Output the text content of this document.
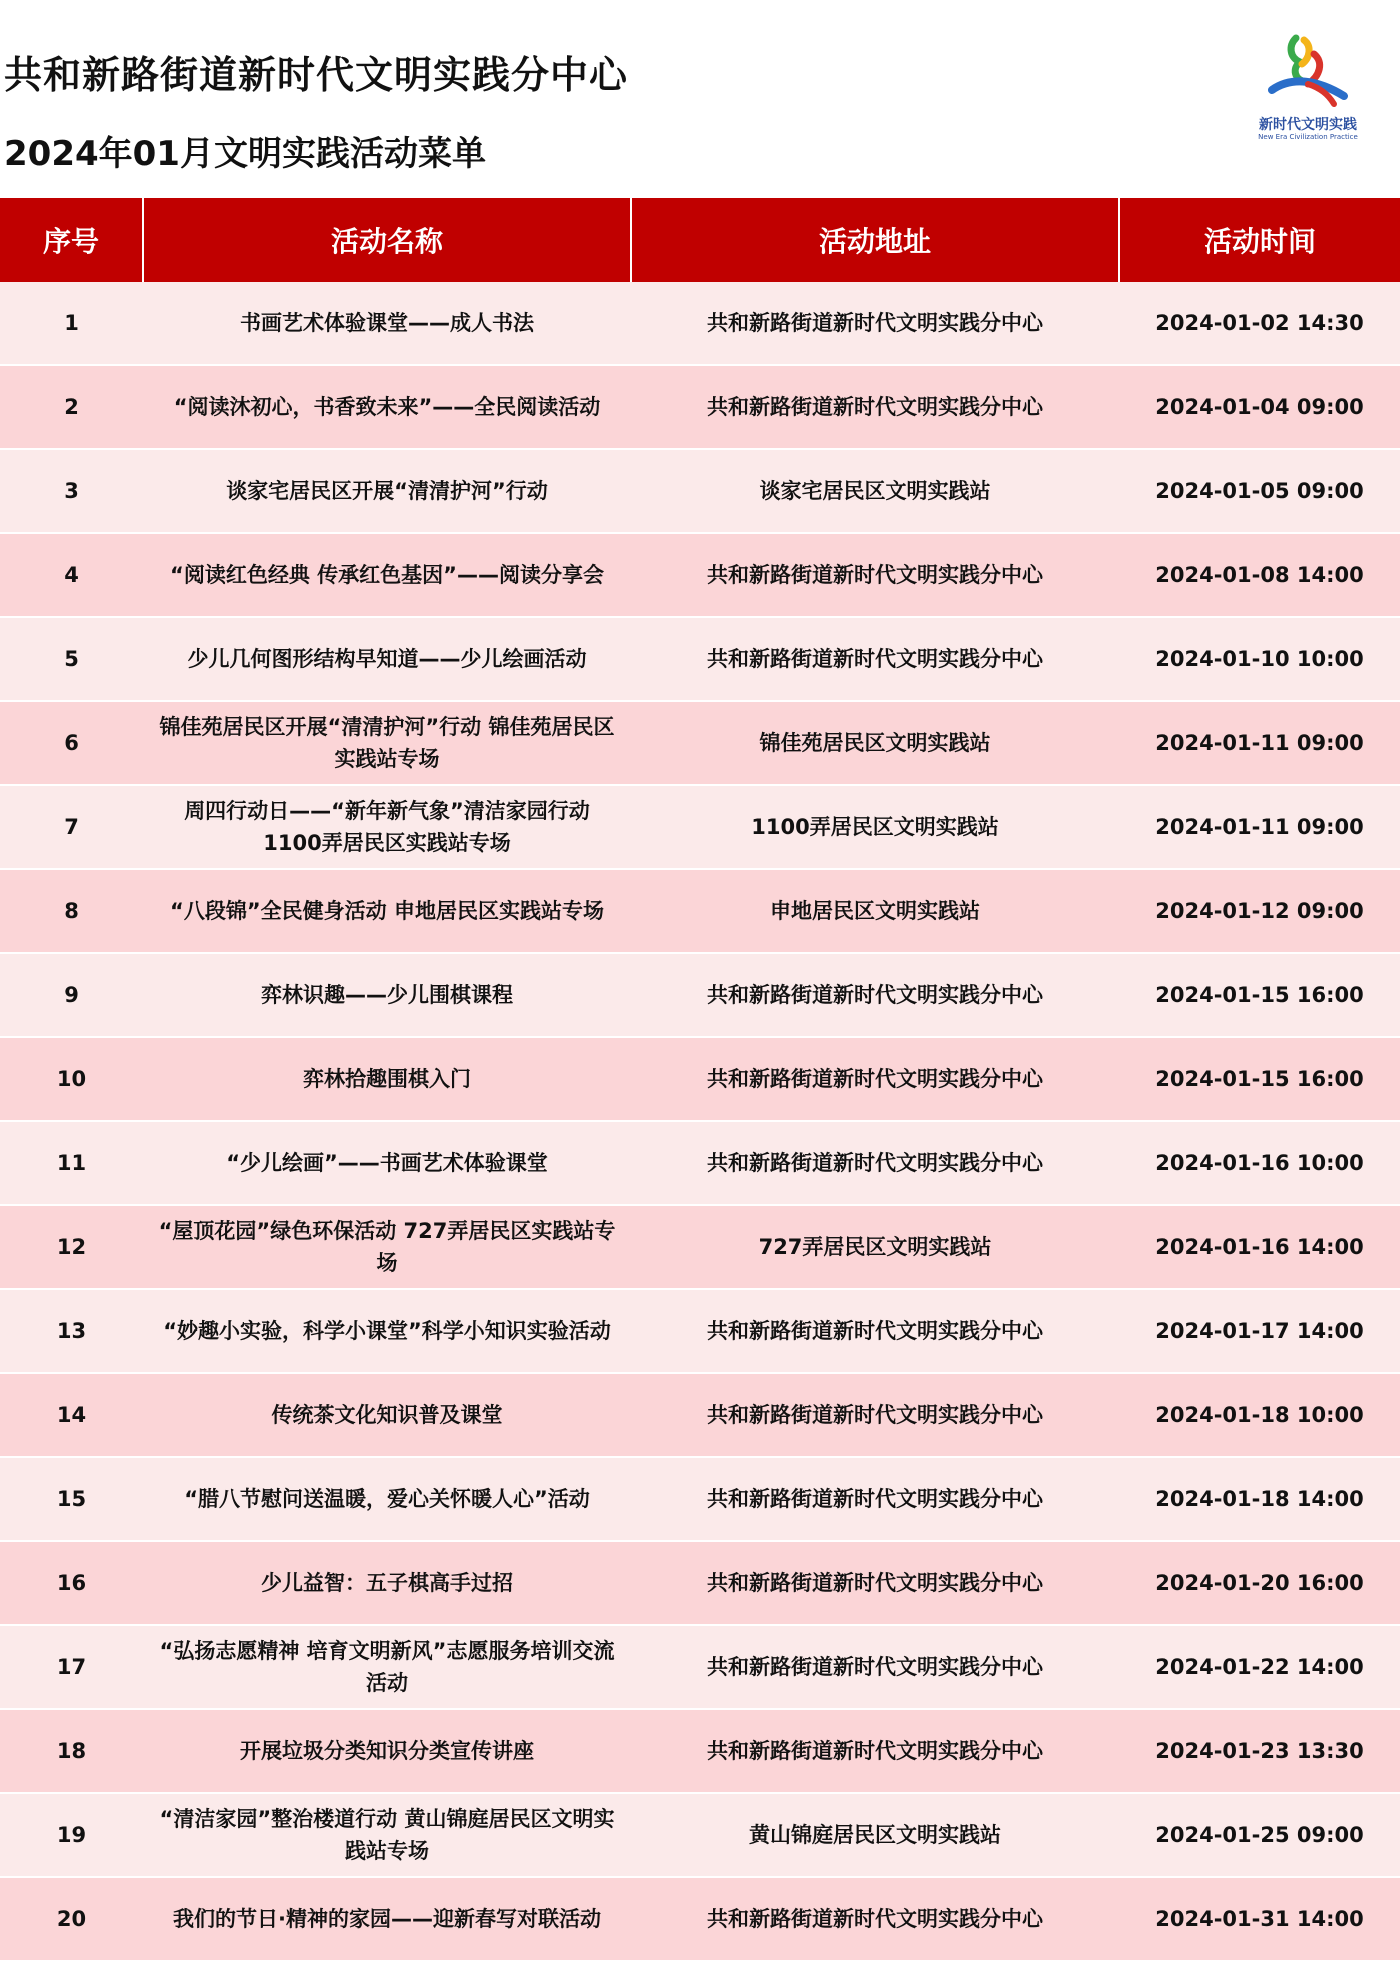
共和新路街道新时代文明实践分中心
2024年01月文明实践活动菜单
新时代文明实践
New Era Civilization Practice
序号	活动名称	活动地址	活动时间
1	书画艺术体验课堂——成人书法	共和新路街道新时代文明实践分中心	2024-01-02 14:30
2	“阅读沐初心，书香致未来”——全民阅读活动	共和新路街道新时代文明实践分中心	2024-01-04 09:00
3	谈家宅居民区开展“清清护河”行动	谈家宅居民区文明实践站	2024-01-05 09:00
4	“阅读红色经典 传承红色基因”——阅读分享会	共和新路街道新时代文明实践分中心	2024-01-08 14:00
5	少儿几何图形结构早知道——少儿绘画活动	共和新路街道新时代文明实践分中心	2024-01-10 10:00
6	锦佳苑居民区开展“清清护河”行动 锦佳苑居民区实践站专场	锦佳苑居民区文明实践站	2024-01-11 09:00
7	周四行动日——“新年新气象”清洁家园行动 1100弄居民区实践站专场	1100弄居民区文明实践站	2024-01-11 09:00
8	“八段锦”全民健身活动 申地居民区实践站专场	申地居民区文明实践站	2024-01-12 09:00
9	弈林识趣——少儿围棋课程	共和新路街道新时代文明实践分中心	2024-01-15 16:00
10	弈林拾趣围棋入门	共和新路街道新时代文明实践分中心	2024-01-15 16:00
11	“少儿绘画”——书画艺术体验课堂	共和新路街道新时代文明实践分中心	2024-01-16 10:00
12	“屋顶花园”绿色环保活动 727弄居民区实践站专场	727弄居民区文明实践站	2024-01-16 14:00
13	“妙趣小实验，科学小课堂”科学小知识实验活动	共和新路街道新时代文明实践分中心	2024-01-17 14:00
14	传统茶文化知识普及课堂	共和新路街道新时代文明实践分中心	2024-01-18 10:00
15	“腊八节慰问送温暖，爱心关怀暖人心”活动	共和新路街道新时代文明实践分中心	2024-01-18 14:00
16	少儿益智：五子棋高手过招	共和新路街道新时代文明实践分中心	2024-01-20 16:00
17	“弘扬志愿精神 培育文明新风”志愿服务培训交流活动	共和新路街道新时代文明实践分中心	2024-01-22 14:00
18	开展垃圾分类知识分类宣传讲座	共和新路街道新时代文明实践分中心	2024-01-23 13:30
19	“清洁家园”整治楼道行动 黄山锦庭居民区文明实践站专场	黄山锦庭居民区文明实践站	2024-01-25 09:00
20	我们的节日·精神的家园——迎新春写对联活动	共和新路街道新时代文明实践分中心	2024-01-31 14:00
